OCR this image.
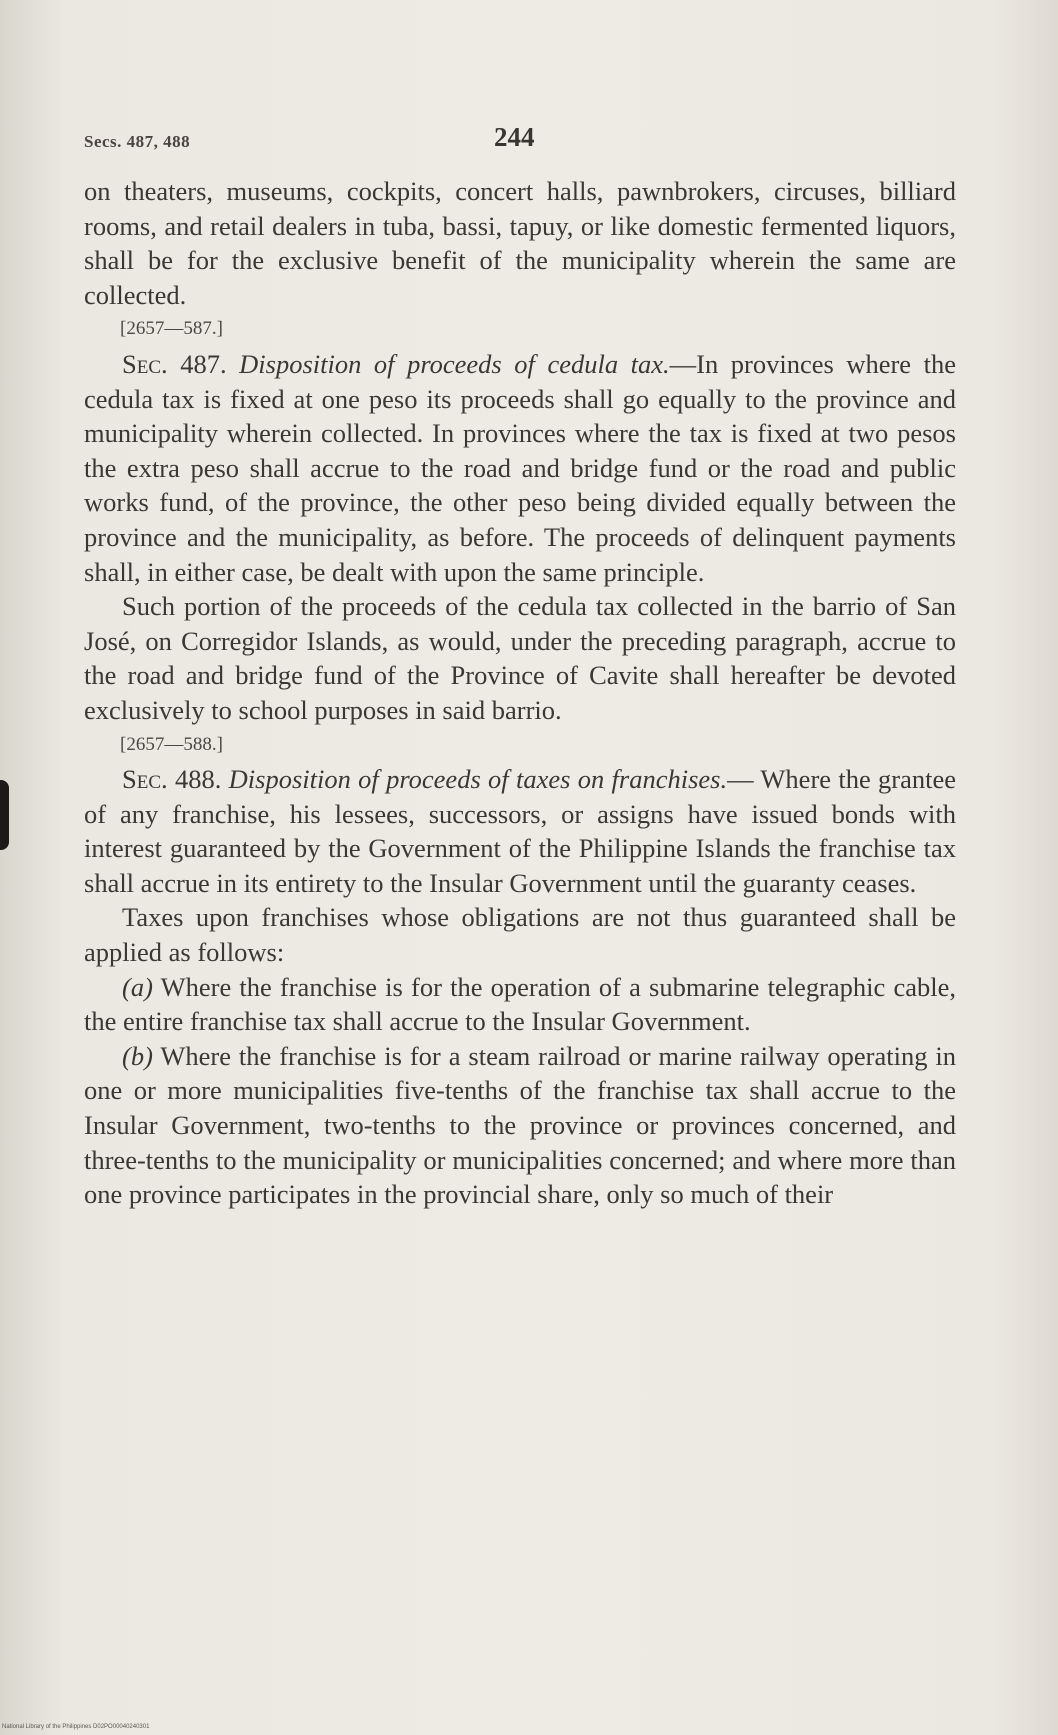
Secs. 487, 488	244

on theaters, museums, cockpits, concert halls, pawnbrokers, circuses, billiard rooms, and retail dealers in tuba, bassi, tapuy, or like domestic fermented liquors, shall be for the exclusive benefit of the municipality wherein the same are collected.

[2657—587.]

Sec. 487. Disposition of proceeds of cedula tax.—In provinces where the cedula tax is fixed at one peso its proceeds shall go equally to the province and municipality wherein collected. In provinces where the tax is fixed at two pesos the extra peso shall accrue to the road and bridge fund or the road and public works fund, of the province, the other peso being divided equally between the province and the municipality, as before. The proceeds of delinquent payments shall, in either case, be dealt with upon the same principle.

Such portion of the proceeds of the cedula tax collected in the barrio of San José, on Corregidor Islands, as would, under the preceding paragraph, accrue to the road and bridge fund of the Province of Cavite shall hereafter be devoted exclusively to school purposes in said barrio.

[2657—588.]

Sec. 488. Disposition of proceeds of taxes on franchises.— Where the grantee of any franchise, his lessees, successors, or assigns have issued bonds with interest guaranteed by the Government of the Philippine Islands the franchise tax shall accrue in its entirety to the Insular Government until the guaranty ceases.

Taxes upon franchises whose obligations are not thus guaranteed shall be applied as follows:

(a) Where the franchise is for the operation of a submarine telegraphic cable, the entire franchise tax shall accrue to the Insular Government.

(b) Where the franchise is for a steam railroad or marine railway operating in one or more municipalities five-tenths of the franchise tax shall accrue to the Insular Government, two-tenths to the province or provinces concerned, and three-tenths to the municipality or municipalities concerned; and where more than one province participates in the provincial share, only so much of their

National Library of the Philippines D02PO00040240301
